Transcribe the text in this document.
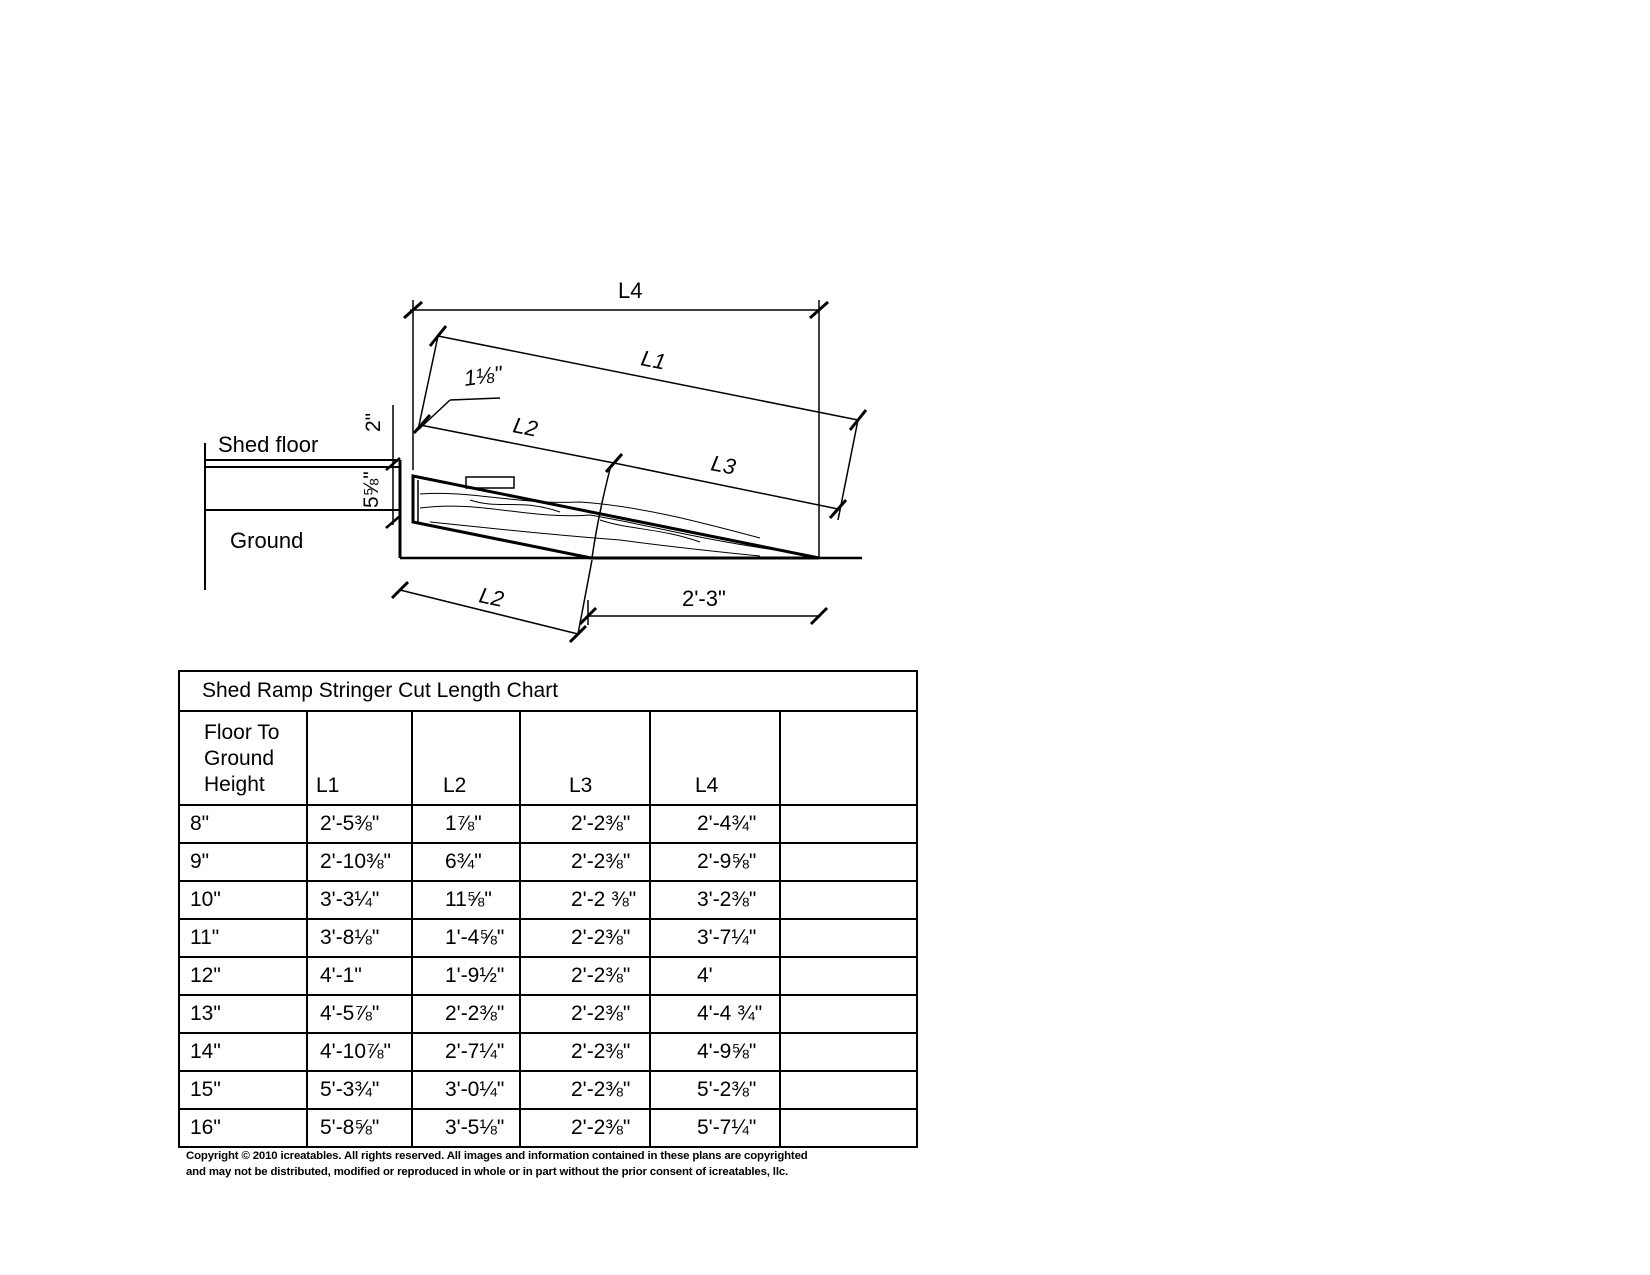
L4
L1
L2
L3
1⅛"
2"
5⅝"
Shed floor
Ground
L2	2'-3"
Shed Ramp Stringer Cut Length Chart					

Floor To
Ground
Height	L1	L2	L3	L4	
8"	2'-5⅜"	1⅞"	2'-2⅜"	2'-4¾"	
9"	2'-10⅜"	6¾"	2'-2⅜"	2'-9⅝"	
10"	3'-3¼"	11⅝"	2'-2 ⅜"	3'-2⅜"	
11"	3'-8⅛"	1'-4⅝"	2'-2⅜"	3'-7¼"	
12"	4'-1"	1'-9½"	2'-2⅜"	4'	
13"	4'-5⅞"	2'-2⅜"	2'-2⅜"	4'-4 ¾"	
14"	4'-10⅞"	2'-7¼"	2'-2⅜"	4'-9⅝"	
15"	5'-3¾"	3'-0¼"	2'-2⅜"	5'-2⅜"	
16"	5'-8⅝"	3'-5⅛"	2'-2⅜"	5'-7¼"	
Copyright © 2010 icreatables. All rights reserved. All images and information contained in these plans are copyrighted
and may not be distributed, modified or reproduced in whole or in part without the prior consent of icreatables, llc.
